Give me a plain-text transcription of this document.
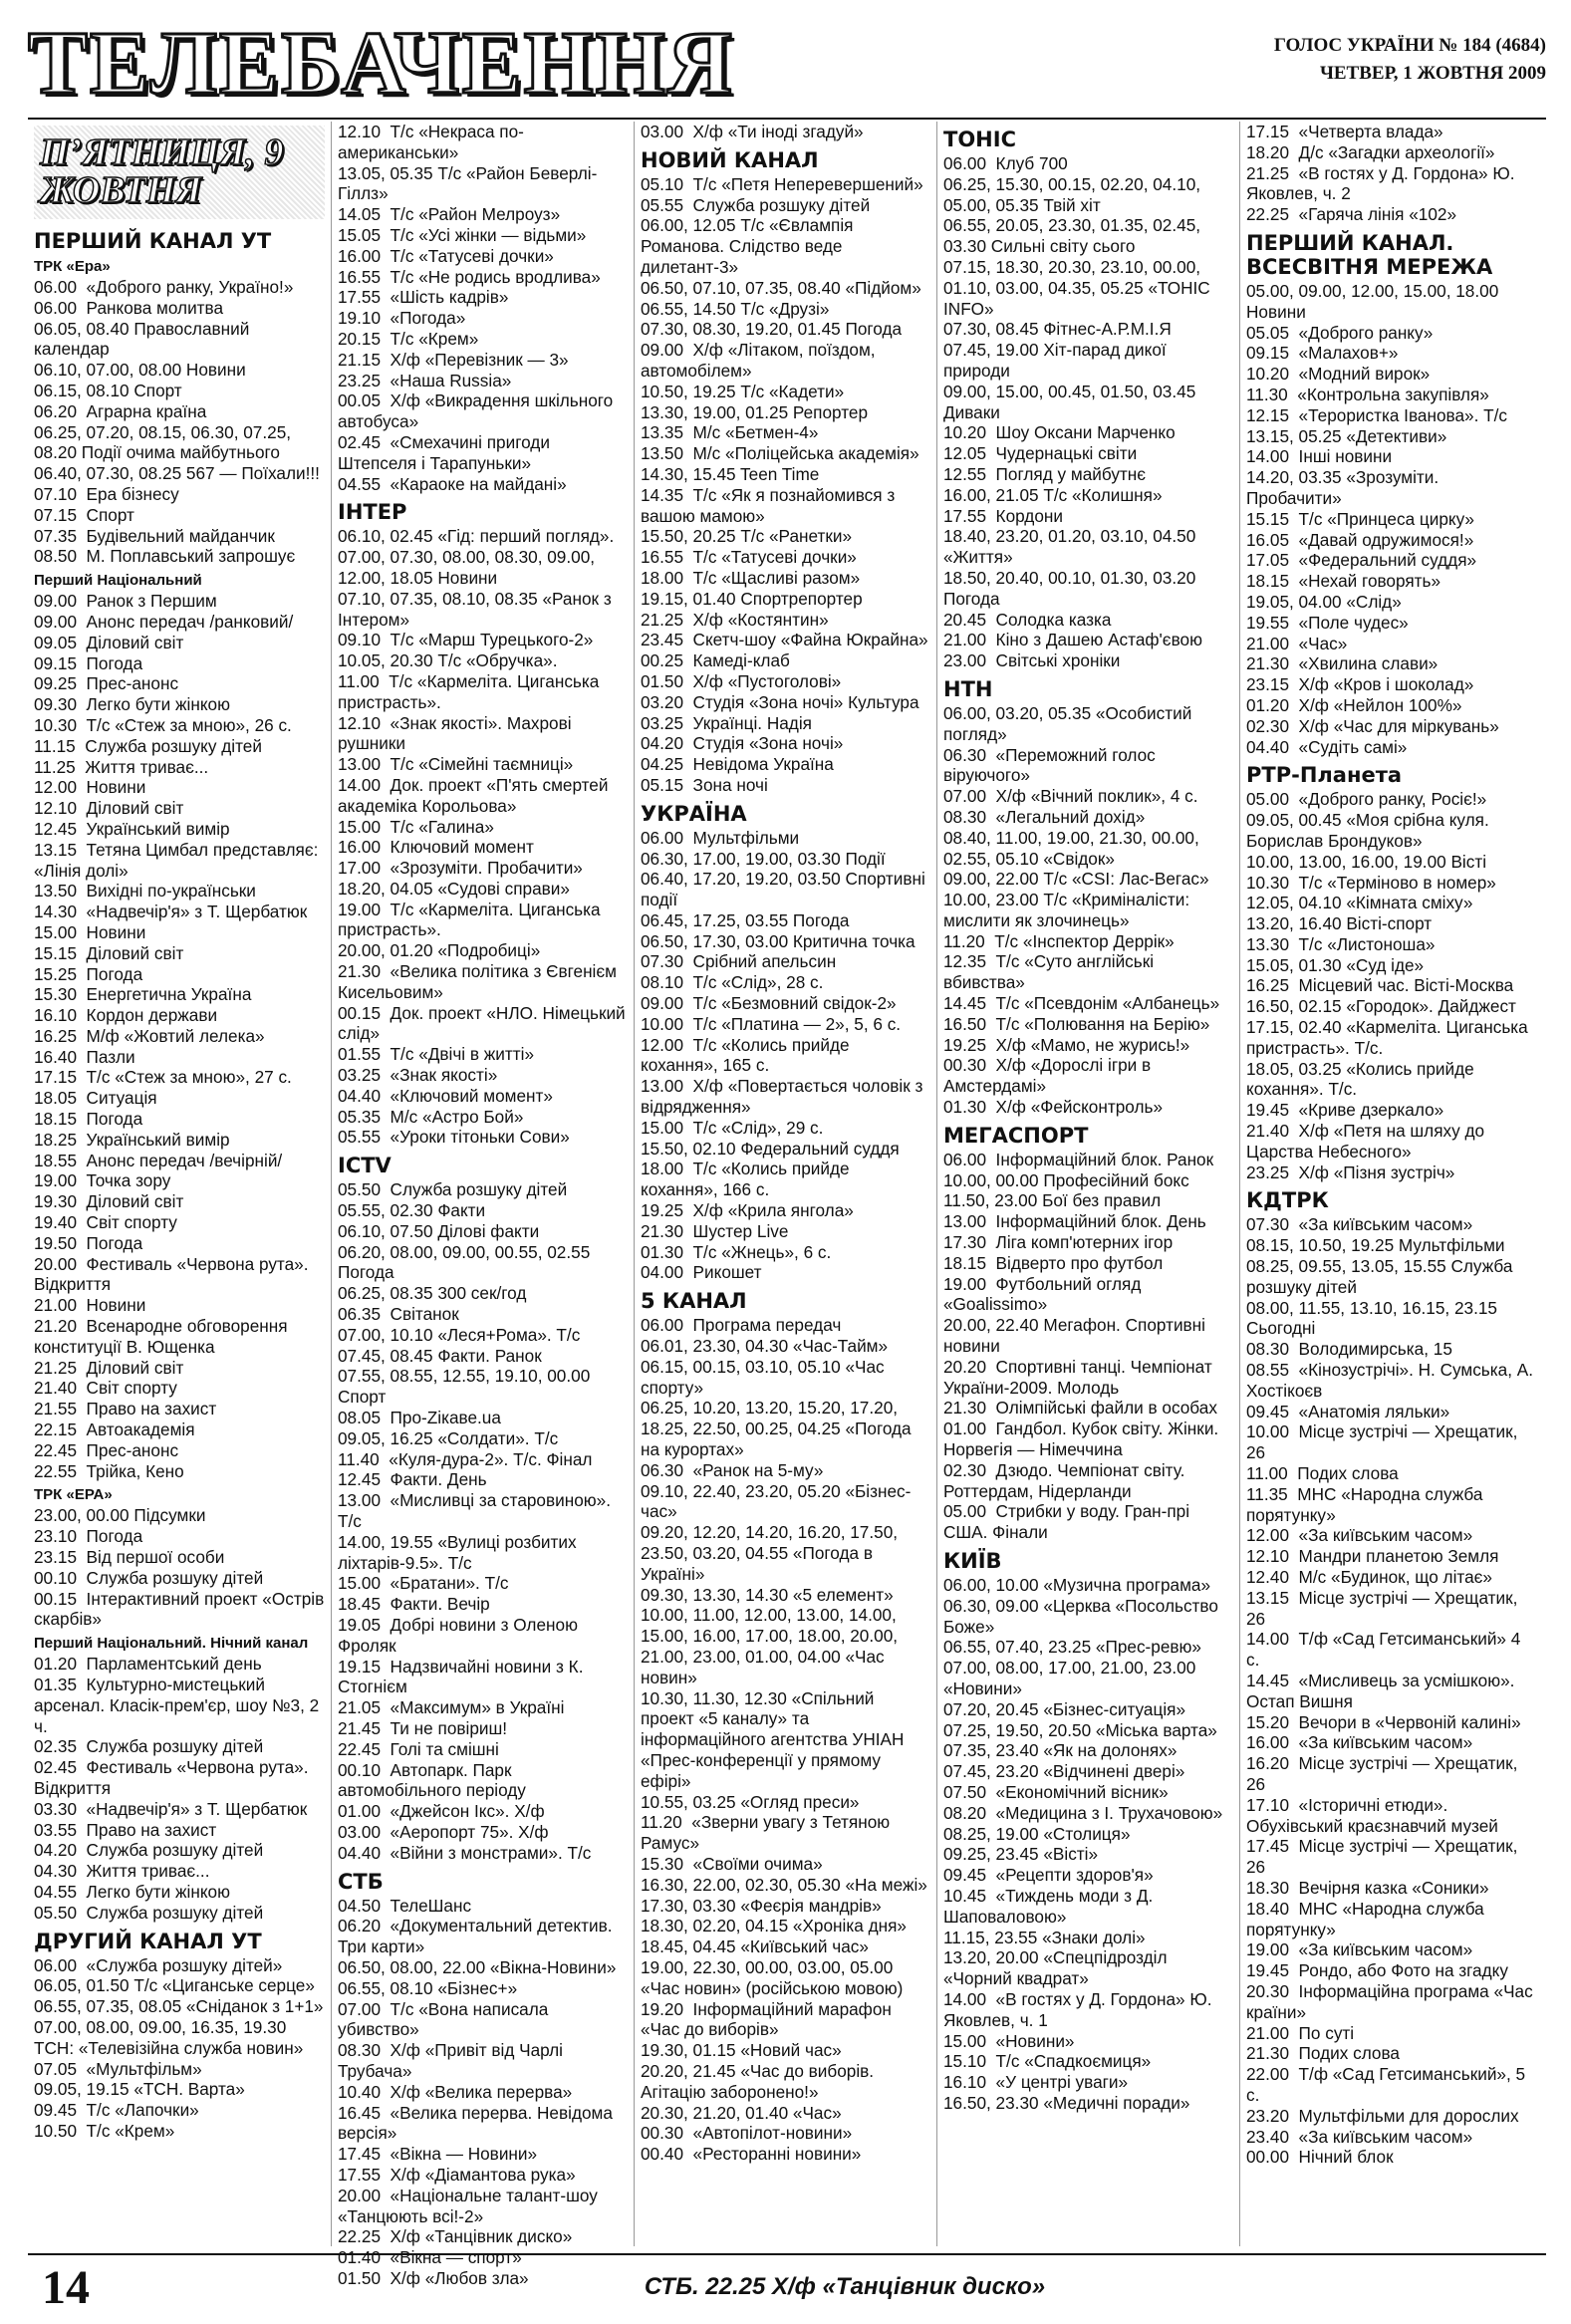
ТЕЛЕБАЧЕННЯ	ГОЛОС УКРАЇНИ № 184 (4684)
ЧЕТВЕР, 1 ЖОВТНЯ 2009
П’ЯТНИЦЯ, 9 ЖОВТНЯ
ПЕРШИЙ КАНАЛ УТ
ТРК «Ера»
06.00  «Доброго ранку, Україно!»
06.00  Ранкова молитва
06.05, 08.40 Православний календар
06.10, 07.00, 08.00 Новини
06.15, 08.10 Спорт
06.20  Аграрна країна
06.25, 07.20, 08.15, 06.30, 07.25, 08.20 Події очима майбутнього
06.40, 07.30, 08.25 567 — Поїхали!!!
07.10  Ера бізнесу
07.15  Спорт
07.35  Будівельний майданчик
08.50  М. Поплавський запрошує
Перший Національний
09.00  Ранок з Першим
09.00  Анонс передач /ранковий/
09.05  Діловий світ
09.15  Погода
09.25  Прес-анонс
09.30  Легко бути жінкою
10.30  Т/с «Стеж за мною», 26 с.
11.15  Служба розшуку дітей
11.25  Життя триває...
12.00  Новини
12.10  Діловий світ
12.45  Український вимір
13.15  Тетяна Цимбал представляє: «Лінія долі»
13.50  Вихідні по-українськи
14.30  «Надвечір'я» з Т. Щербатюк
15.00  Новини
15.15  Діловий світ
15.25  Погода
15.30  Енергетична Україна
16.10  Кордон держави
16.25  М/ф «Жовтий лелека»
16.40  Пазли
17.15  Т/с «Стеж за мною», 27 с.
18.05  Ситуація
18.15  Погода
18.25  Український вимір
18.55  Анонс передач /вечірній/
19.00  Точка зору
19.30  Діловий світ
19.40  Світ спорту
19.50  Погода
20.00  Фестиваль «Червона рута». Відкриття
21.00  Новини
21.20  Всенародне обговорення конституції В. Ющенка
21.25  Діловий світ
21.40  Світ спорту
21.55  Право на захист
22.15  Автоакадемія
22.45  Прес-анонс
22.55  Трійка, Кено
ТРК «ЕРА»
23.00, 00.00 Підсумки
23.10  Погода
23.15  Від першої особи
00.10  Служба розшуку дітей
00.15  Інтерактивний проект «Острів скарбів»
Перший Національний. Нічний канал
01.20  Парламентський день
01.35  Культурно-мистецький арсенал. Класік-прем'єр, шоу №3, 2 ч.
02.35  Служба розшуку дітей
02.45  Фестиваль «Червона рута». Відкриття
03.30  «Надвечір'я» з Т. Щербатюк
03.55  Право на захист
04.20  Служба розшуку дітей
04.30  Життя триває...
04.55  Легко бути жінкою
05.50  Служба розшуку дітей
ДРУГИЙ КАНАЛ УТ
06.00  «Служба розшуку дітей»
06.05, 01.50 Т/с «Циганське серце»
06.55, 07.35, 08.05 «Сніданок з 1+1»
07.00, 08.00, 09.00, 16.35, 19.30 ТСН: «Телевізійна служба новин»
07.05  «Мультфільм»
09.05, 19.15 «ТСН. Варта»
09.45  Т/с «Лапочки»
10.50  Т/с «Крем»
12.10  Т/с «Некраса по-американськи»
13.05, 05.35 Т/с «Район Беверлі-Гіллз»
14.05  Т/с «Район Мелроуз»
15.05  Т/с «Усі жінки — відьми»
16.00  Т/с «Татусеві дочки»
16.55  Т/с «Не родись вродлива»
17.55  «Шість кадрів»
19.10  «Погода»
20.15  Т/с «Крем»
21.15  Х/ф «Перевізник — 3»
23.25  «Наша Russia»
00.05  Х/ф «Викрадення шкільного автобуса»
02.45  «Смехачині пригоди Штепселя і Тарапуньки»
04.55  «Караоке на майдані»
ІНТЕР
06.10, 02.45 «Гід: перший погляд».
07.00, 07.30, 08.00, 08.30, 09.00, 12.00, 18.05 Новини
07.10, 07.35, 08.10, 08.35 «Ранок з Інтером»
09.10  Т/с «Марш Турецького-2»
10.05, 20.30 Т/с «Обручка».
11.00  Т/с «Кармеліта. Циганська пристрасть».
12.10  «Знак якості». Махрові рушники
13.00  Т/с «Сімейні таємниці»
14.00  Док. проект «П'ять смертей академіка Корольова»
15.00  Т/с «Галина»
16.00  Ключовий момент
17.00  «Зрозуміти. Пробачити»
18.20, 04.05 «Судові справи»
19.00  Т/с «Кармеліта. Циганська пристрасть».
20.00, 01.20 «Подробиці»
21.30  «Велика політика з Євгенієм Кисельовим»
00.15  Док. проект «НЛО. Німецький слід»
01.55  Т/с «Двічі в житті»
03.25  «Знак якості»
04.40  «Ключовий момент»
05.35  М/с «Астро Бой»
05.55  «Уроки тітоньки Сови»
ICTV
05.50  Служба розшуку дітей
05.55, 02.30 Факти
06.10, 07.50 Ділові факти
06.20, 08.00, 09.00, 00.55, 02.55 Погода
06.25, 08.35 300 сек/год
06.35  Світанок
07.00, 10.10 «Леся+Рома». Т/с
07.45, 08.45 Факти. Ранок
07.55, 08.55, 12.55, 19.10, 00.00 Спорт
08.05  Про-Zікаве.ua
09.05, 16.25 «Солдати». Т/с
11.40  «Куля-дура-2». Т/с. Фінал
12.45  Факти. День
13.00  «Мисливці за старовиною». Т/с
14.00, 19.55 «Вулиці розбитих ліхтарів-9.5». Т/с
15.00  «Братани». Т/с
18.45  Факти. Вечір
19.05  Добрі новини з Оленою Фроляк
19.15  Надзвичайні новини з К. Стогнієм
21.05  «Максимум» в Україні
21.45  Ти не повіриш!
22.45  Голі та смішні
00.10  Автопарк. Парк автомобільного періоду
01.00  «Джейсон Ікс». Х/ф
03.00  «Аеропорт 75». Х/ф
04.40  «Війни з монстрами». Т/с
СТБ
04.50  ТелеШанс
06.20  «Документальний детектив. Три карти»
06.50, 08.00, 22.00 «Вікна-Новини»
06.55, 08.10 «Бізнес+»
07.00  Т/с «Вона написала убивство»
08.30  Х/ф «Привіт від Чарлі Трубача»
10.40  Х/ф «Велика перерва»
16.45  «Велика перерва. Невідома версія»
17.45  «Вікна — Новини»
17.55  Х/ф «Діамантова рука»
20.00  «Національне талант-шоу «Танцюють всі!-2»
22.25  Х/ф «Танцівник диско»
01.40  «Вікна — спорт»
01.50  Х/ф «Любов зла»
03.00  Х/ф «Ти іноді згадуй»
НОВИЙ КАНАЛ
05.10  Т/с «Петя Неперевершений»
05.55  Служба розшуку дітей
06.00, 12.05 Т/с «Євлампія Романова. Слідство веде дилетант-3»
06.50, 07.10, 07.35, 08.40 «Підйом»
06.55, 14.50 Т/с «Друзі»
07.30, 08.30, 19.20, 01.45 Погода
09.00  Х/ф «Літаком, поїздом, автомобілем»
10.50, 19.25 Т/с «Кадети»
13.30, 19.00, 01.25 Репортер
13.35  М/с «Бетмен-4»
13.50  М/с «Поліцейська академія»
14.30, 15.45 Teen Time
14.35  Т/с «Як я познайомився з вашою мамою»
15.50, 20.25 Т/с «Ранетки»
16.55  Т/с «Татусеві дочки»
18.00  Т/с «Щасливі разом»
19.15, 01.40 Спортрепортер
21.25  Х/ф «Костянтин»
23.45  Скетч-шоу «Файна Юкрайна»
00.25  Камеді-клаб
01.50  Х/ф «Пустоголові»
03.20  Студія «Зона ночі» Культура
03.25  Українці. Надія
04.20  Студія «Зона ночі»
04.25  Невідома Україна
05.15  Зона ночі
УКРАЇНА
06.00  Мультфільми
06.30, 17.00, 19.00, 03.30 Події
06.40, 17.20, 19.20, 03.50 Спортивні події
06.45, 17.25, 03.55 Погода
06.50, 17.30, 03.00 Критична точка
07.30  Срібний апельсин
08.10  Т/с «Слід», 28 с.
09.00  Т/с «Безмовний свідок-2»
10.00  Т/с «Платина — 2», 5, 6 с.
12.00  Т/с «Колись прийде кохання», 165 с.
13.00  Х/ф «Повертається чоловік з відрядження»
15.00  Т/с «Слід», 29 с.
15.50, 02.10 Федеральний суддя
18.00  Т/с «Колись прийде кохання», 166 с.
19.25  Х/ф «Крила янгола»
21.30  Шустер Live
01.30  Т/с «Жнець», 6 с.
04.00  Рикошет
5 КАНАЛ
06.00  Програма передач
06.01, 23.30, 04.30 «Час-Тайм»
06.15, 00.15, 03.10, 05.10 «Час спорту»
06.25, 10.20, 13.20, 15.20, 17.20, 18.25, 22.50, 00.25, 04.25 «Погода на курортах»
06.30  «Ранок на 5-му»
09.10, 22.40, 23.20, 05.20 «Бізнес-час»
09.20, 12.20, 14.20, 16.20, 17.50, 23.50, 03.20, 04.55 «Погода в Україні»
09.30, 13.30, 14.30 «5 елемент»
10.00, 11.00, 12.00, 13.00, 14.00, 15.00, 16.00, 17.00, 18.00, 20.00, 21.00, 23.00, 01.00, 04.00 «Час новин»
10.30, 11.30, 12.30 «Спільний проект «5 каналу» та інформаційного агентства УНІАН «Прес-конференції у прямому ефірі»
10.55, 03.25 «Огляд преси»
11.20  «Зверни увагу з Тетяною Рамус»
15.30  «Своїми очима»
16.30, 22.00, 02.30, 05.30 «На межі»
17.30, 03.30 «Феєрія мандрів»
18.30, 02.20, 04.15 «Хроніка дня»
18.45, 04.45 «Київський час»
19.00, 22.30, 00.00, 03.00, 05.00 «Час новин» (російською мовою)
19.20  Інформаційний марафон «Час до виборів»
19.30, 01.15 «Новий час»
20.20, 21.45 «Час до виборів. Агітацію заборонено!»
20.30, 21.20, 01.40 «Час»
00.30  «Автопілот-новини»
00.40  «Ресторанні новини»
ТОНІС
06.00  Клуб 700
06.25, 15.30, 00.15, 02.20, 04.10, 05.00, 05.35 Твій хіт
06.55, 20.05, 23.30, 01.35, 02.45, 03.30 Сильні світу сього
07.15, 18.30, 20.30, 23.10, 00.00, 01.10, 03.00, 04.35, 05.25 «ТОНІС INFO»
07.30, 08.45 Фітнес-А.Р.М.І.Я
07.45, 19.00 Хіт-парад дикої природи
09.00, 15.00, 00.45, 01.50, 03.45 Диваки
10.20  Шоу Оксани Марченко
12.05  Чудернацькі світи
12.55  Погляд у майбутнє
16.00, 21.05 Т/с «Колишня»
17.55  Кордони
18.40, 23.20, 01.20, 03.10, 04.50 «Життя»
18.50, 20.40, 00.10, 01.30, 03.20 Погода
20.45  Солодка казка
21.00  Кіно з Дашею Астаф'євою
23.00  Світські хроніки
НТН
06.00, 03.20, 05.35 «Особистий погляд»
06.30  «Переможний голос віруючого»
07.00  Х/ф «Вічний поклик», 4 с.
08.30  «Легальний дохід»
08.40, 11.00, 19.00, 21.30, 00.00, 02.55, 05.10 «Свідок»
09.00, 22.00 Т/с «CSI: Лас-Вегас»
10.00, 23.00 Т/с «Криміналісти: мислити як злочинець»
11.20  Т/с «Інспектор Деррік»
12.35  Т/с «Суто англійські вбивства»
14.45  Т/с «Псевдонім «Албанець»
16.50  Т/с «Полювання на Берію»
19.25  Х/ф «Мамо, не журись!»
00.30  Х/ф «Дорослі ігри в Амстердамі»
01.30  Х/ф «Фейсконтроль»
МЕГАСПОРТ
06.00  Інформаційний блок. Ранок
10.00, 00.00 Професійний бокс
11.50, 23.00 Бої без правил
13.00  Інформаційний блок. День
17.30  Ліга комп'ютерних ігор
18.15  Відверто про футбол
19.00  Футбольний огляд «Goalissimo»
20.00, 22.40 Мегафон. Спортивні новини
20.20  Спортивні танці. Чемпіонат України-2009. Молодь
21.30  Олімпійські файли в особах
01.00  Гандбол. Кубок світу. Жінки. Норвегія — Німеччина
02.30  Дзюдо. Чемпіонат світу. Роттердам, Нідерланди
05.00  Стрибки у воду. Гран-прі США. Фінали
КИЇВ
06.00, 10.00 «Музична програма»
06.30, 09.00 «Церква «Посольство Боже»
06.55, 07.40, 23.25 «Прес-ревю»
07.00, 08.00, 17.00, 21.00, 23.00 «Новини»
07.20, 20.45 «Бізнес-ситуація»
07.25, 19.50, 20.50 «Міська варта»
07.35, 23.40 «Як на долонях»
07.45, 23.20 «Відчинені двері»
07.50  «Економічний вісник»
08.20  «Медицина з І. Трухачовою»
08.25, 19.00 «Столиця»
09.25, 23.45 «Вісті»
09.45  «Рецепти здоров'я»
10.45  «Тиждень моди з Д. Шаповаловою»
11.15, 23.55 «Знаки долі»
13.20, 20.00 «Спецпідрозділ «Чорний квадрат»
14.00  «В гостях у Д. Гордона» Ю. Яковлев, ч. 1
15.00  «Новини»
15.10  Т/с «Спадкоємиця»
16.10  «У центрі уваги»
16.50, 23.30 «Медичні поради»
17.15  «Четверта влада»
18.20  Д/с «Загадки археології»
21.25  «В гостях у Д. Гордона» Ю. Яковлев, ч. 2
22.25  «Гаряча лінія «102»
ПЕРШИЙ КАНАЛ. ВСЕСВІТНЯ МЕРЕЖА
05.00, 09.00, 12.00, 15.00, 18.00 Новини
05.05  «Доброго ранку»
09.15  «Малахов+»
10.20  «Модний вирок»
11.30  «Контрольна закупівля»
12.15  «Терористка Іванова». Т/с
13.15, 05.25 «Детективи»
14.00  Інші новини
14.20, 03.35 «Зрозуміти. Пробачити»
15.15  Т/с «Принцеса цирку»
16.05  «Давай одружимося!»
17.05  «Федеральний суддя»
18.15  «Нехай говорять»
19.05, 04.00 «Слід»
19.55  «Поле чудес»
21.00  «Час»
21.30  «Хвилина слави»
23.15  Х/ф «Кров і шоколад»
01.20  Х/ф «Нейлон 100%»
02.30  Х/ф «Час для міркувань»
04.40  «Судіть самі»
РТР-Планета
05.00  «Доброго ранку, Росіє!»
09.05, 00.45 «Моя срібна куля. Борислав Брондуков»
10.00, 13.00, 16.00, 19.00 Вісті
10.30  Т/с «Терміново в номер»
12.05, 04.10 «Кімната сміху»
13.20, 16.40 Вісті-спорт
13.30  Т/с «Листоноша»
15.05, 01.30 «Суд іде»
16.25  Місцевий час. Вісті-Москва
16.50, 02.15 «Городок». Дайджест
17.15, 02.40 «Кармеліта. Циганська пристрасть». Т/с.
18.05, 03.25 «Колись прийде кохання». Т/с.
19.45  «Криве дзеркало»
21.40  Х/ф «Петя на шляху до Царства Небесного»
23.25  Х/ф «Пізня зустріч»
КДТРК
07.30  «За київським часом»
08.15, 10.50, 19.25 Мультфільми
08.25, 09.55, 13.05, 15.55 Служба розшуку дітей
08.00, 11.55, 13.10, 16.15, 23.15 Сьогодні
08.30  Володимирська, 15
08.55  «Кінозустрічі». Н. Сумська, А. Хостікоєв
09.45  «Анатомія ляльки»
10.00  Місце зустрічі — Хрещатик, 26
11.00  Подих слова
11.35  МНС «Народна служба порятунку»
12.00  «За київським часом»
12.10  Мандри планетою Земля
12.40  М/с «Будинок, що літає»
13.15  Місце зустрічі — Хрещатик, 26
14.00  Т/ф «Сад Гетсиманський» 4 с.
14.45  «Мисливець за усмішкою». Остап Вишня
15.20  Вечори в «Червоній калині»
16.00  «За київським часом»
16.20  Місце зустрічі — Хрещатик, 26
17.10  «Історичні етюди». Обухівський краєзнавчий музей
17.45  Місце зустрічі — Хрещатик, 26
18.30  Вечірня казка «Соники»
18.40  МНС «Народна служба порятунку»
19.00  «За київським часом»
19.45  Рондо, або Фото на згадку
20.30  Інформаційна програма «Час країни»
21.00  По суті
21.30  Подих слова
22.00  Т/ф «Сад Гетсиманський», 5 с.
23.20  Мультфільми для дорослих
23.40  «За київським часом»
00.00  Нічний блок
14	СТБ. 22.25 Х/ф «Танцівник диско»
